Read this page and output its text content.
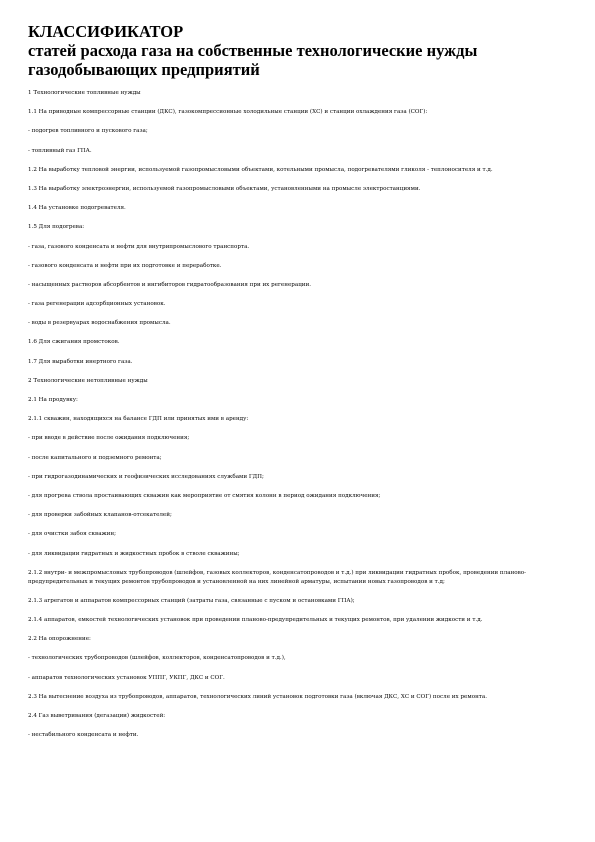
КЛАССИФИКАТОР
статей расхода газа на собственные технологические нужды
газодобывающих предприятий
1 Технологические топливные нужды
1.1 На приводные компрессорные станции (ДКС), газокомпрессионные холодильные станции (ХС) и станции охлаждения газа (СОГ):
- подогрев топливного и пускового газа;
- топливный газ ГПА.
1.2 На выработку тепловой энергии, используемой газопромысловыми объектами, котельными промысла, подогревателями гликоля - теплоносителя и т.д.
1.3 На выработку электроэнергии, используемой газопромысловыми объектами, установленными на промысле электростанциями.
1.4 На установке подогревателя.
1.5 Для подогрева:
- газа, газового конденсата и нефти для внутрипромыслового транспорта.
- газового конденсата и нефти при их подготовке и переработке.
- насыщенных растворов абсорбентов и ингибиторов гидратообразования при их регенерации.
- газа регенерации адсорбционных установок.
- воды в резервуарах водоснабжения промысла.
1.6 Для сжигания промстоков.
1.7 Для выработки инертного газа.
2 Технологические нетопливные нужды
2.1 На продувку:
2.1.1 скважин, находящихся на балансе ГДП или принятых ими в аренду:
- при вводе в действие после ожидания подключения;
- после капитального и подземного ремонта;
- при гидрогазодинамических и геофизических исследованиях службами ГДП;
- для прогрева ствола простаивающих скважин как мероприятие от смятия колонн в период ожидания подключения;
- для проверки забойных клапанов-отсекателей;
- для очистки забоя скважин;
- для ликвидации гидратных и жидкостных пробок в стволе скважины;
2.1.2 внутри- и межпромысловых трубопроводов (шлейфов, газовых коллекторов, конденсатопроводов и т.д.) при ликвидации гидратных пробок, проведении планово-предупредительных и текущих ремонтов трубопроводов и установленной на них линейной арматуры, испытании новых газопроводов и т.д;
2.1.3 агрегатов и аппаратов компрессорных станций (затраты газа, связанные с пуском и остановками ГПА);
2.1.4 аппаратов, емкостей технологических установок при проведении планово-предупредительных и текущих ремонтов, при удалении жидкости и т.д.
2.2 На опорожнение:
- технологических трубопроводов (шлейфов, коллекторов, конденсатопроводов и т.д.),
- аппаратов технологических установок УППГ, УКПГ, ДКС и СОГ.
2.3 На вытеснение воздуха из трубопроводов, аппаратов, технологических линий установок подготовки газа (включая ДКС, ХС и СОГ) после их ремонта.
2.4 Газ выветривания (дегазации) жидкостей:
- нестабильного конденсата и нефти.
